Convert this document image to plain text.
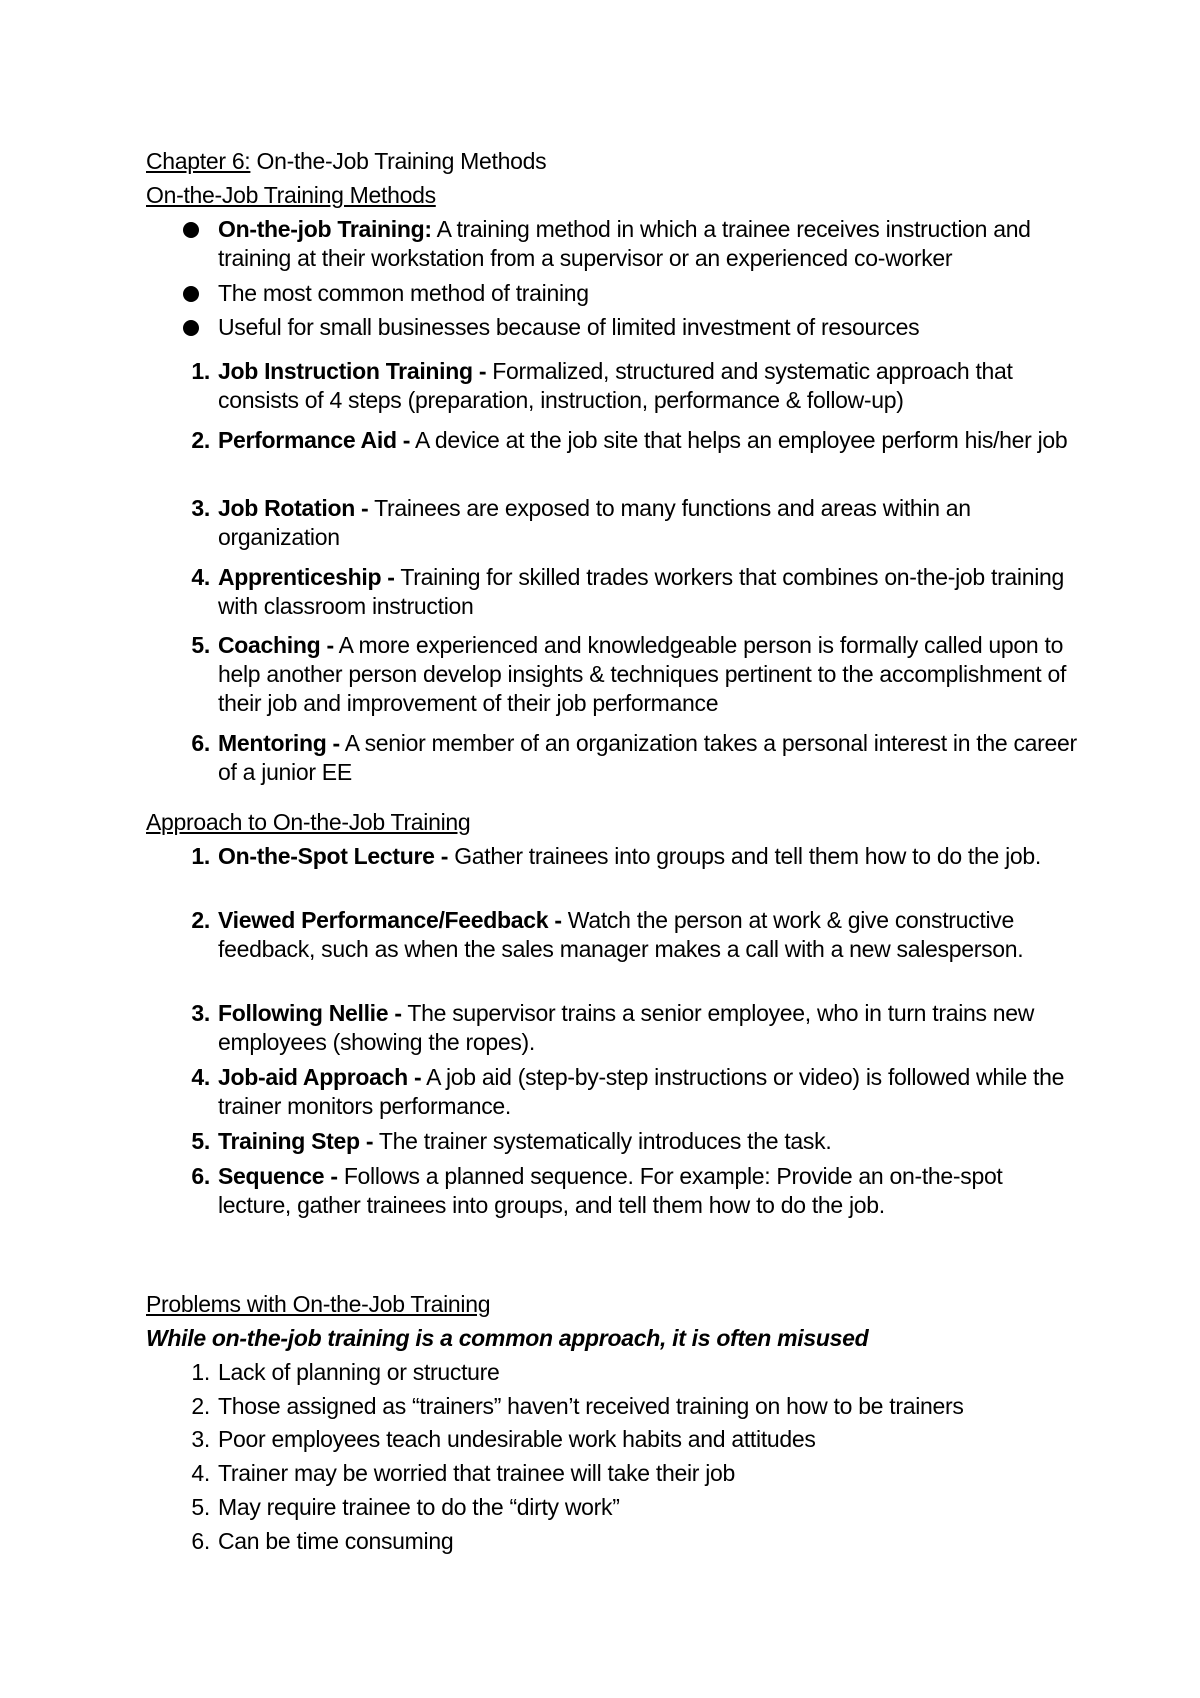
Chapter 6: On-the-Job Training Methods

On-the-Job Training Methods

On-the-job Training: A training method in which a trainee receives instruction and training at their workstation from a supervisor or an experienced co-worker
The most common method of training
Useful for small businesses because of limited investment of resources
1. Job Instruction Training - Formalized, structured and systematic approach that consists of 4 steps (preparation, instruction, performance & follow-up)
2. Performance Aid - A device at the job site that helps an employee perform his/her job
3. Job Rotation - Trainees are exposed to many functions and areas within an organization
4. Apprenticeship - Training for skilled trades workers that combines on-the-job training with classroom instruction
5. Coaching - A more experienced and knowledgeable person is formally called upon to help another person develop insights & techniques pertinent to the accomplishment of their job and improvement of their job performance
6. Mentoring - A senior member of an organization takes a personal interest in the career of a junior EE

Approach to On-the-Job Training

1. On-the-Spot Lecture - Gather trainees into groups and tell them how to do the job.
2. Viewed Performance/Feedback - Watch the person at work & give constructive feedback, such as when the sales manager makes a call with a new salesperson.
3. Following Nellie - The supervisor trains a senior employee, who in turn trains new employees (showing the ropes).
4. Job-aid Approach - A job aid (step-by-step instructions or video) is followed while the trainer monitors performance.
5. Training Step - The trainer systematically introduces the task.
6. Sequence - Follows a planned sequence. For example: Provide an on-the-spot lecture, gather trainees into groups, and tell them how to do the job.

Problems with On-the-Job Training

While on-the-job training is a common approach, it is often misused

1. Lack of planning or structure
2. Those assigned as “trainers” haven’t received training on how to be trainers
3. Poor employees teach undesirable work habits and attitudes
4. Trainer may be worried that trainee will take their job
5. May require trainee to do the “dirty work”
6. Can be time consuming
